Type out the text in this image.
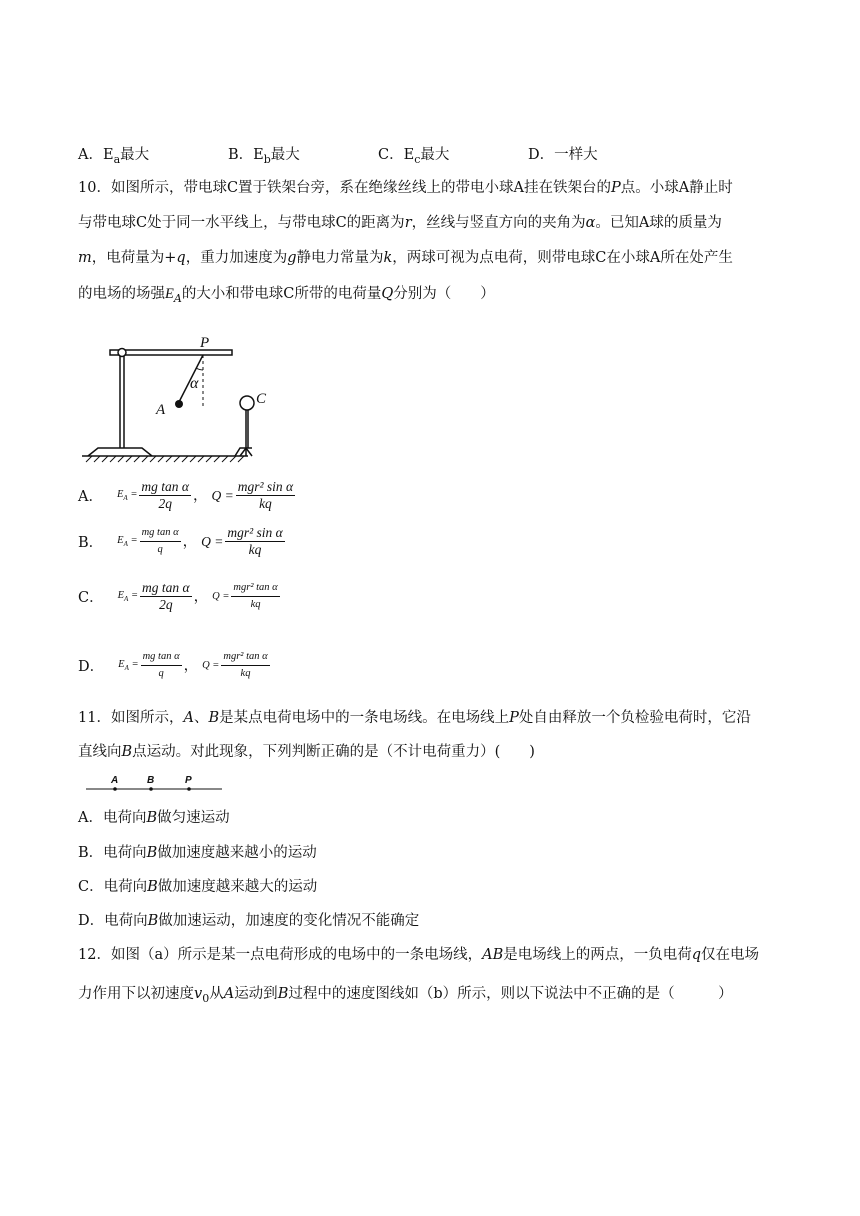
A．$E_a$最大	B．$E_b$最大	C．$E_c$最大	D．一样大
10．如图所示，带电球C置于铁架台旁，系在绝缘丝线上的带电小球A挂在铁架台的P点。小球A静止时
与带电球C处于同一水平线上，与带电球C的距离为r，丝线与竖直方向的夹角为α。已知A球的质量为
m，电荷量为+q，重力加速度为g静电力常量为k，两球可视为点电荷，则带电球C在小球A所在处产生
的电场的场强$E_A$的大小和带电球C所带的电荷量Q分别为（　　）
P
α
A
C
A． $E_A = \frac{\text{mg tan α}}{2q}$ ， $Q = \frac{\text{mgr² sin α}}{kq}$
B． $E_A = \frac{\text{mg tan α}}{q}$ ， $Q = \frac{\text{mgr² sin α}}{kq}$
C． $E_A = \frac{\text{mg tan α}}{2q}$ ， $Q = \frac{\text{mgr² tan α}}{kq}$
D． $E_A = \frac{\text{mg tan α}}{q}$ ， $Q = \frac{\text{mgr² tan α}}{kq}$
11．如图所示，A、B是某点电荷电场中的一条电场线。在电场线上P处自由释放一个负检验电荷时，它沿
直线向B点运动。对此现象，下列判断正确的是（不计电荷重力）(　　)
A	B	P
A．电荷向B做匀速运动
B．电荷向B做加速度越来越小的运动
C．电荷向B做加速度越来越大的运动
D．电荷向B做加速运动，加速度的变化情况不能确定
12．如图（a）所示是某一点电荷形成的电场中的一条电场线，AB是电场线上的两点，一负电荷q仅在电场
力作用下以初速度$v_0$从A运动到B过程中的速度图线如（b）所示，则以下说法中不正确的是（　　　）
